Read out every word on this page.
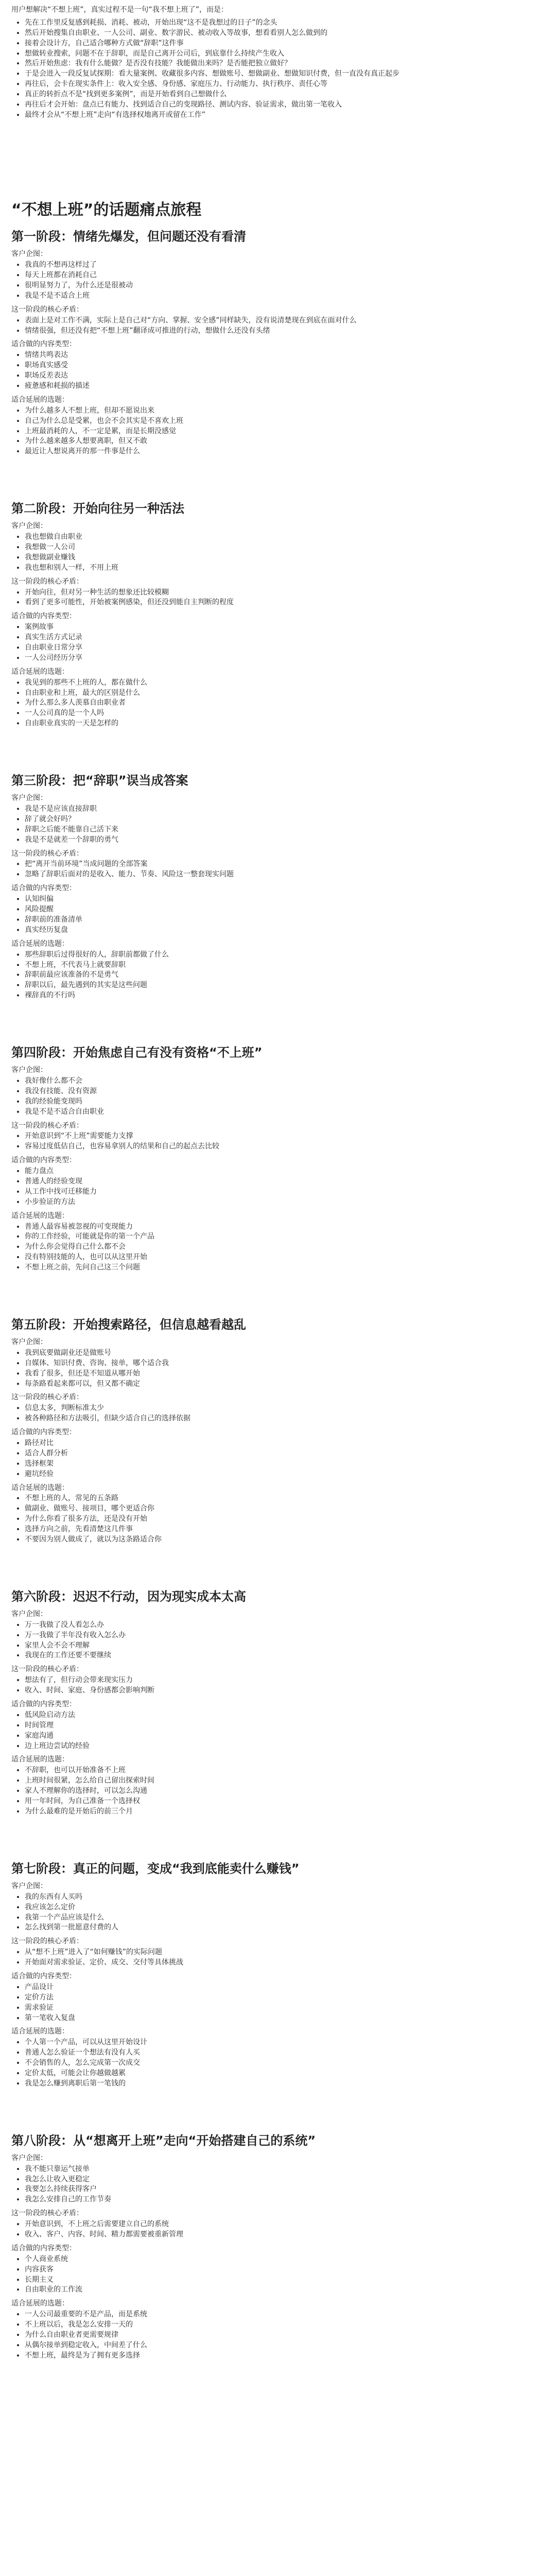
用户想解决“不想上班”，真实过程不是一句“我不想上班了”，而是：

• 先在工作里反复感到耗损、消耗、被动，开始出现“这不是我想过的日子”的念头
• 然后开始搜集自由职业、一人公司、副业、数字游民、被动收入等故事，想看看别人怎么做到的
• 接着会设计方，自己适合哪种方式做“辞职”这件事
• 想做转业搜索，问题不在于辞职，而是自己离开公司后，到底靠什么持续产生收入
• 然后开始焦虑：我有什么能做？是否没有技能？我能做出来吗？是否能把独立做好？
• 于是会进入一段反复试探期：看大量案例、收藏很多内容、想做账号、想做副业、想做知识付费，但一直没有真正起步
• 再往后，会卡在现实条件上：收入安全感、身份感、家庭压力、行动能力、执行秩序、责任心等
• 真正的转折点不是“找到更多案例”，而是开始看到自己想做什么
• 再往后才会开始：盘点已有能力、找到适合自己的变现路径、测试内容、验证需求，做出第一笔收入
• 最终才会从“不想上班”走向“有选择权地离开或留在工作”
“不想上班”的话题痛点旅程
第一阶段：情绪先爆发，但问题还没有看清

客户企图：

• 我真的不想再这样过了
• 每天上班都在消耗自己
• 很明显努力了，为什么还是很被动
• 我是不是不适合上班

这一阶段的核心矛盾：

• 表面上是对工作不满，实际上是自己对“方向、掌握、安全感”同样缺失，没有说清楚现在到底在面对什么
• 情绪很强，但还没有把“不想上班”翻译成可推进的行动，想做什么还没有头绪

适合做的内容类型：

• 情绪共鸣表达
• 职场真实感受
• 职场反差表达
• 疲惫感和耗损的描述

适合延展的选题：

• 为什么越多人不想上班，但却不愿说出来
• 自己为什么总是受累，也会不会其实是不喜欢上班
• 上班最消耗的人，不一定是累，而是长期没感觉
• 为什么越来越多人想要离职，但又不敢
• 最近让人想说离开的那一件事是什么
第二阶段：开始向往另一种活法

客户企图：

• 我也想做自由职业
• 我想做一人公司
• 我想做副业赚钱
• 我也想和别人一样，不用上班

这一阶段的核心矛盾：

• 开始向往，但对另一种生活的想象还比较模糊
• 看到了更多可能性，开始被案例感染，但还没到能自主判断的程度

适合做的内容类型：

• 案例故事
• 真实生活方式记录
• 自由职业日常分享
• 一人公司经历分享

适合延展的选题：

• 我见到的那些不上班的人，都在做什么
• 自由职业和上班，最大的区别是什么
• 为什么那么多人羡慕自由职业者
• 一人公司真的是一个人吗
• 自由职业真实的一天是怎样的
第三阶段：把“辞职”误当成答案

客户企图：

• 我是不是应该直接辞职
• 辞了就会好吗？
• 辞职之后能不能靠自己活下来
• 我是不是就差一个辞职的勇气

这一阶段的核心矛盾：

• 把“离开当前环境”当成问题的全部答案
• 忽略了辞职后面对的是收入、能力、节奏、风险这一整套现实问题

适合做的内容类型：

• 认知纠偏
• 风险提醒
• 辞职前的准备清单
• 真实经历复盘

适合延展的选题：

• 那些辞职后过得很好的人，辞职前都做了什么
• 不想上班，不代表马上就要辞职
• 辞职前最应该准备的不是勇气
• 辞职以后，最先遇到的其实是这些问题
• 裸辞真的不行吗
第四阶段：开始焦虑自己有没有资格“不上班”

客户企图：

• 我好像什么都不会
• 我没有技能、没有资源
• 我的经验能变现吗
• 我是不是不适合自由职业

这一阶段的核心矛盾：

• 开始意识到“不上班”需要能力支撑
• 容易过度低估自己，也容易拿别人的结果和自己的起点去比较

适合做的内容类型：

• 能力盘点
• 普通人的经验变现
• 从工作中找可迁移能力
• 小步验证的方法

适合延展的选题：

• 普通人最容易被忽视的可变现能力
• 你的工作经验，可能就是你的第一个产品
• 为什么你会觉得自己什么都不会
• 没有特别技能的人，也可以从这里开始
• 不想上班之前，先问自己这三个问题
第五阶段：开始搜索路径，但信息越看越乱

客户企图：

• 我到底要做副业还是做账号
• 自媒体、知识付费、咨询、接单，哪个适合我
• 我看了很多，但还是不知道从哪开始
• 每条路看起来都可以，但又都不确定

这一阶段的核心矛盾：

• 信息太多，判断标准太少
• 被各种路径和方法吸引，但缺少适合自己的选择依据

适合做的内容类型：

• 路径对比
• 适合人群分析
• 选择框架
• 避坑经验

适合延展的选题：

• 不想上班的人，常见的五条路
• 做副业、做账号、接项目，哪个更适合你
• 为什么你看了很多方法，还是没有开始
• 选择方向之前，先看清楚这几件事
• 不要因为别人做成了，就以为这条路适合你
第六阶段：迟迟不行动，因为现实成本太高

客户企图：

• 万一我做了没人看怎么办
• 万一我做了半年没有收入怎么办
• 家里人会不会不理解
• 我现在的工作还要不要继续

这一阶段的核心矛盾：

• 想法有了，但行动会带来现实压力
• 收入、时间、家庭、身份感都会影响判断

适合做的内容类型：

• 低风险启动方法
• 时间管理
• 家庭沟通
• 边上班边尝试的经验

适合延展的选题：

• 不辞职，也可以开始准备不上班
• 上班时间很紧，怎么给自己留出探索时间
• 家人不理解你的选择时，可以怎么沟通
• 用一年时间，为自己准备一个选择权
• 为什么最难的是开始后的前三个月
第七阶段：真正的问题，变成“我到底能卖什么赚钱”

客户企图：

• 我的东西有人买吗
• 我应该怎么定价
• 我第一个产品应该是什么
• 怎么找到第一批愿意付费的人

这一阶段的核心矛盾：

• 从“想不上班”进入了“如何赚钱”的实际问题
• 开始面对需求验证、定价、成交、交付等具体挑战

适合做的内容类型：

• 产品设计
• 定价方法
• 需求验证
• 第一笔收入复盘

适合延展的选题：

• 个人第一个产品，可以从这里开始设计
• 普通人怎么验证一个想法有没有人买
• 不会销售的人，怎么完成第一次成交
• 定价太低，可能会让你越做越累
• 我是怎么赚到离职后第一笔钱的
第八阶段：从“想离开上班”走向“开始搭建自己的系统”

客户企图：

• 我不能只靠运气接单
• 我怎么让收入更稳定
• 我要怎么持续获得客户
• 我怎么安排自己的工作节奏

这一阶段的核心矛盾：

• 开始意识到，不上班之后需要建立自己的系统
• 收入、客户、内容、时间、精力都需要被重新管理

适合做的内容类型：

• 个人商业系统
• 内容获客
• 长期主义
• 自由职业的工作流

适合延展的选题：

• 一人公司最重要的不是产品，而是系统
• 不上班以后，我是怎么安排一天的
• 为什么自由职业者更需要规律
• 从偶尔接单到稳定收入，中间差了什么
• 不想上班，最终是为了拥有更多选择
